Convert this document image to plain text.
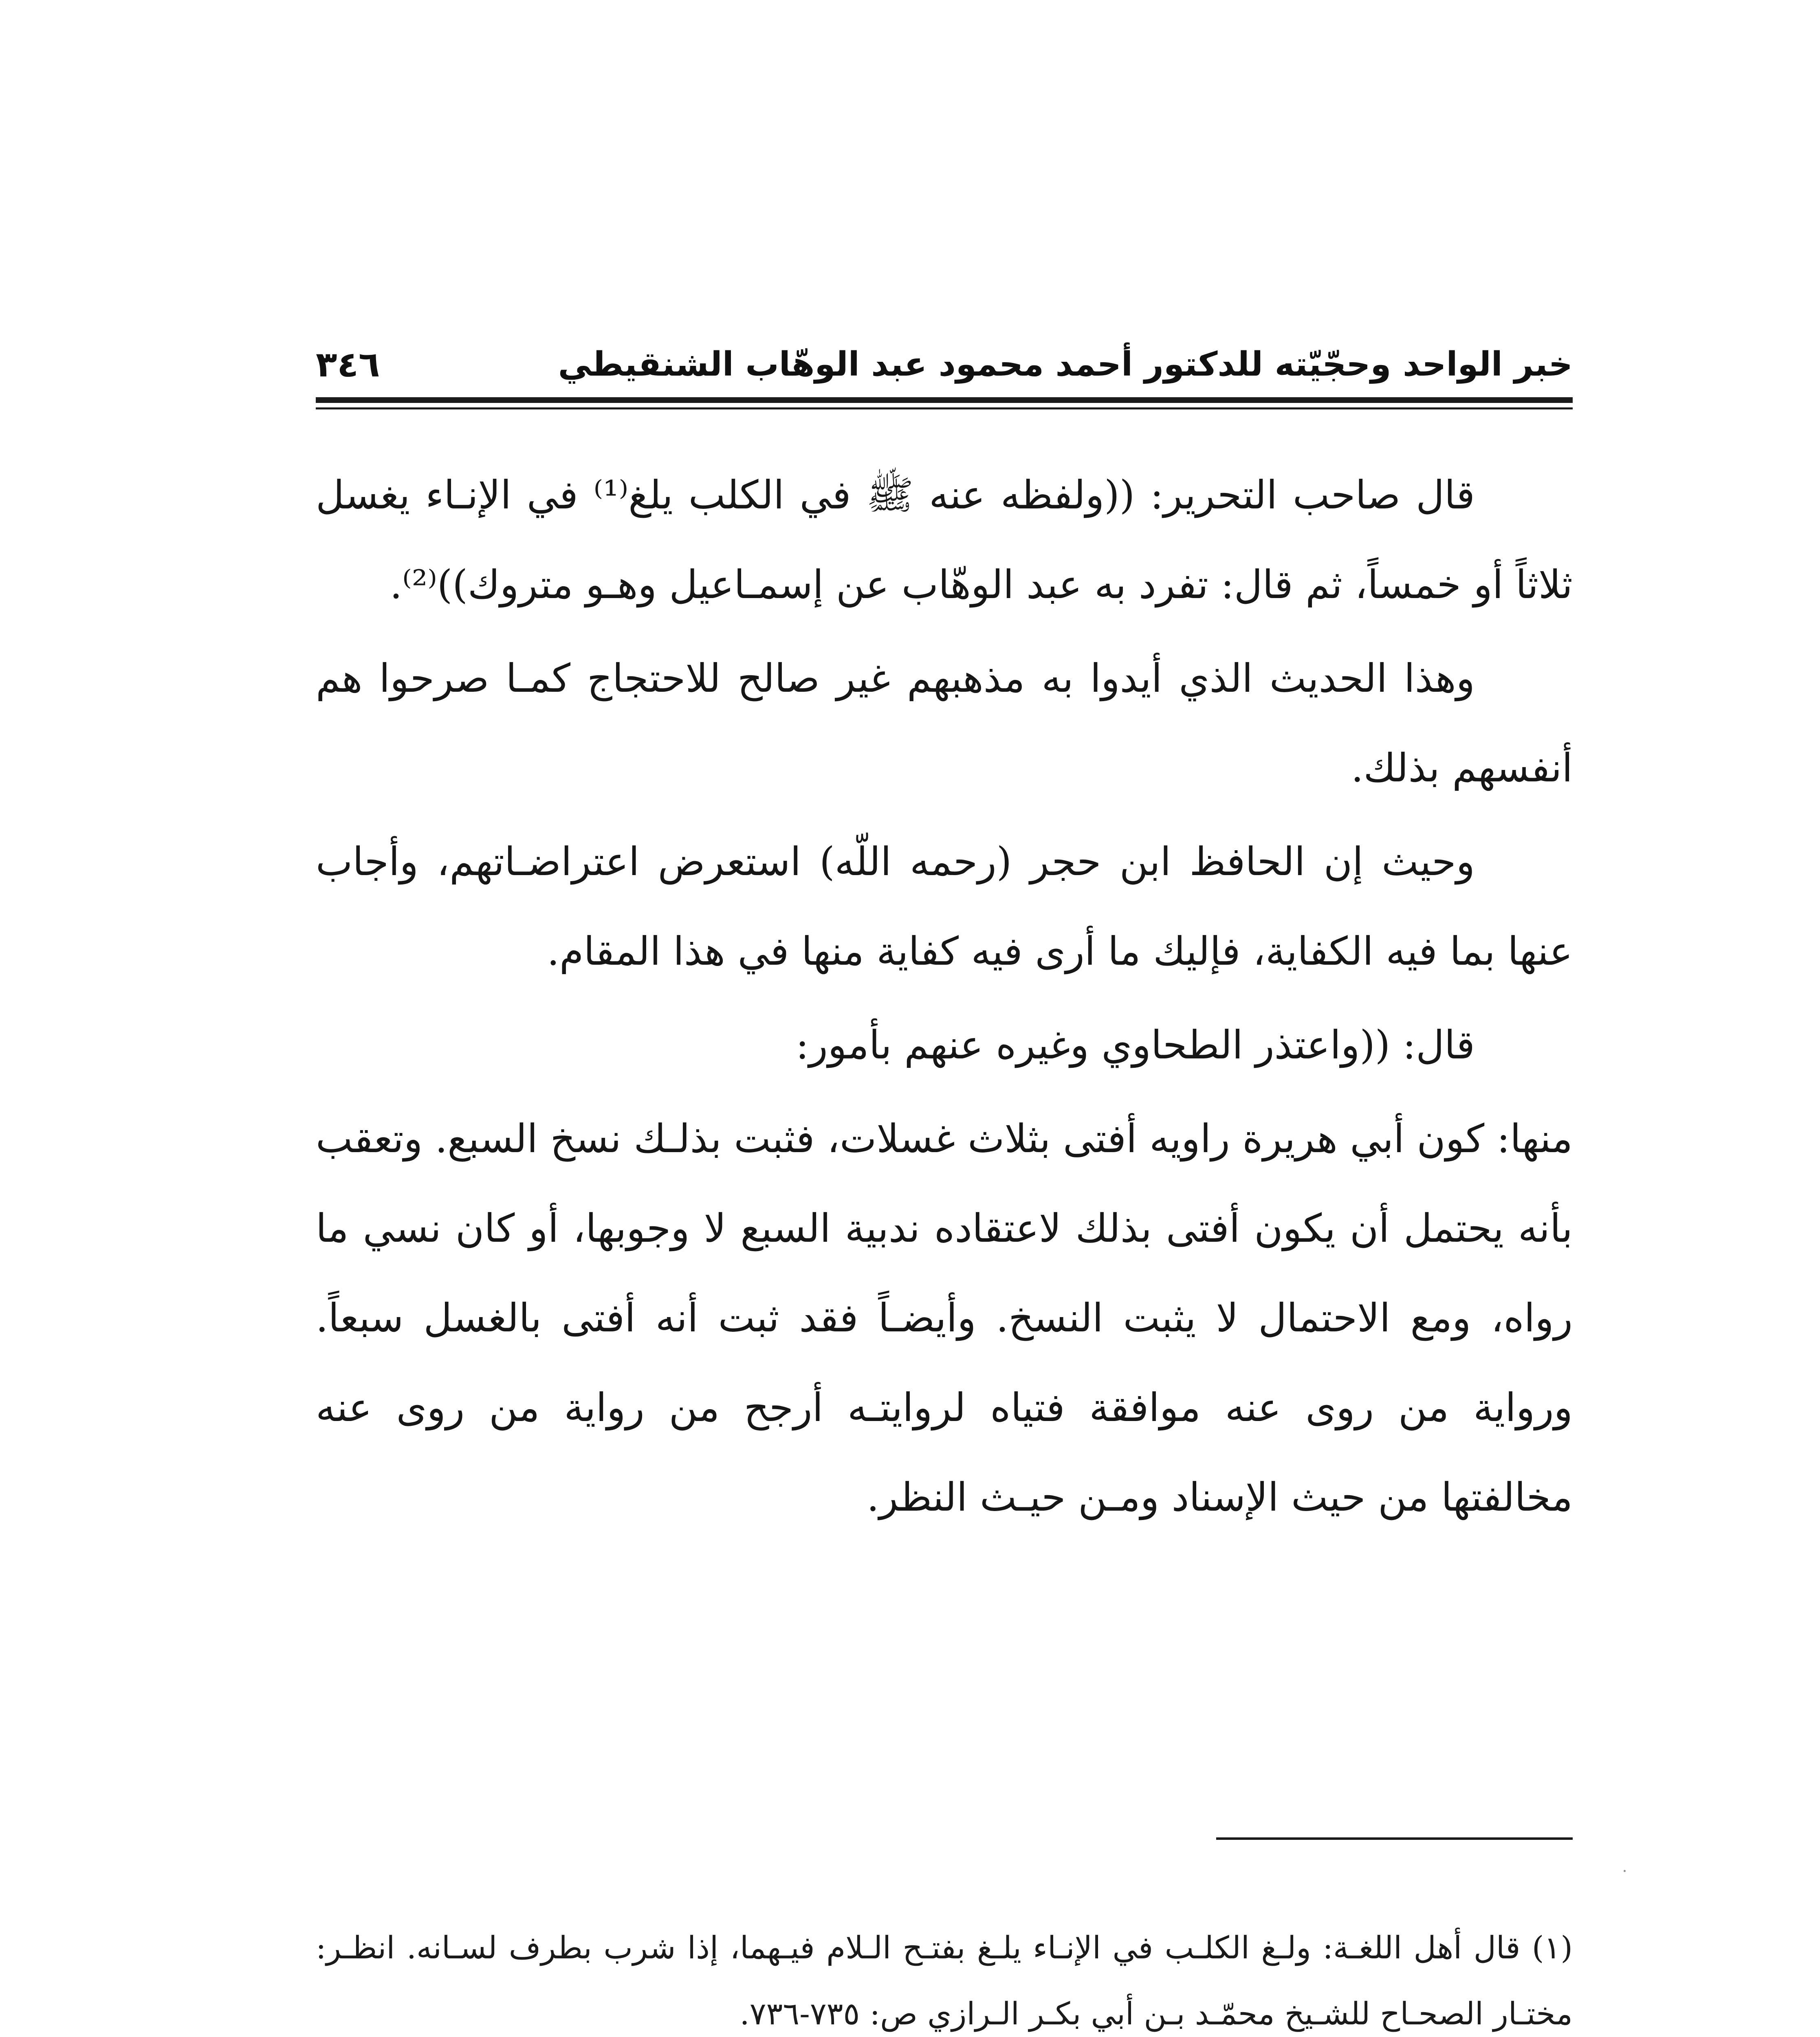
خبر الواحد وحجّيّته للدكتور أحمد محمود عبد الوهّاب الشنقيطي
٣٤٦

قال صاحب التحرير: ((ولفظه عنه ﷺ في الكلب يلغ⁽¹⁾ في الإنـاء يغسل ثلاثاً أو خمساً، ثم قال: تفرد به عبد الوهّاب عن إسمـاعيل وهـو متروك))⁽²⁾.

وهذا الحديث الذي أيدوا به مذهبهم غير صالح للاحتجاج كمـا صرحوا هم أنفسهم بذلك.

وحيث إن الحافظ ابن حجر (رحمه اللّه) استعرض اعتراضـاتهم، وأجاب عنها بما فيه الكفاية، فإليك ما أرى فيه كفاية منها في هذا المقام.

قال: ((واعتذر الطحاوي وغيره عنهم بأمور:

منها: كون أبي هريرة راويه أفتى بثلاث غسلات، فثبت بذلـك نسخ السبع. وتعقب بأنه يحتمل أن يكون أفتى بذلك لاعتقاده ندبية السبع لا وجوبها، أو كان نسي ما رواه، ومع الاحتمال لا يثبت النسخ. وأيضـاً فقد ثبت أنه أفتى بالغسل سبعاً. ورواية من روى عنه موافقة فتياه لروايتـه أرجح من رواية من روى عنه مخالفتها من حيث الإسناد ومـن حيـث النظر.

(١) قال أهل اللغـة: ولـغ الكلـب في الإنـاء يلـغ بفتـح الـلام فيـهما، إذا شرب بطرف لسـانه. انظـر: مختـار الصحـاح للشـيخ محمّـد بـن أبي بكـر الـرازي ص: ٧٣٥-٧٣٦.
